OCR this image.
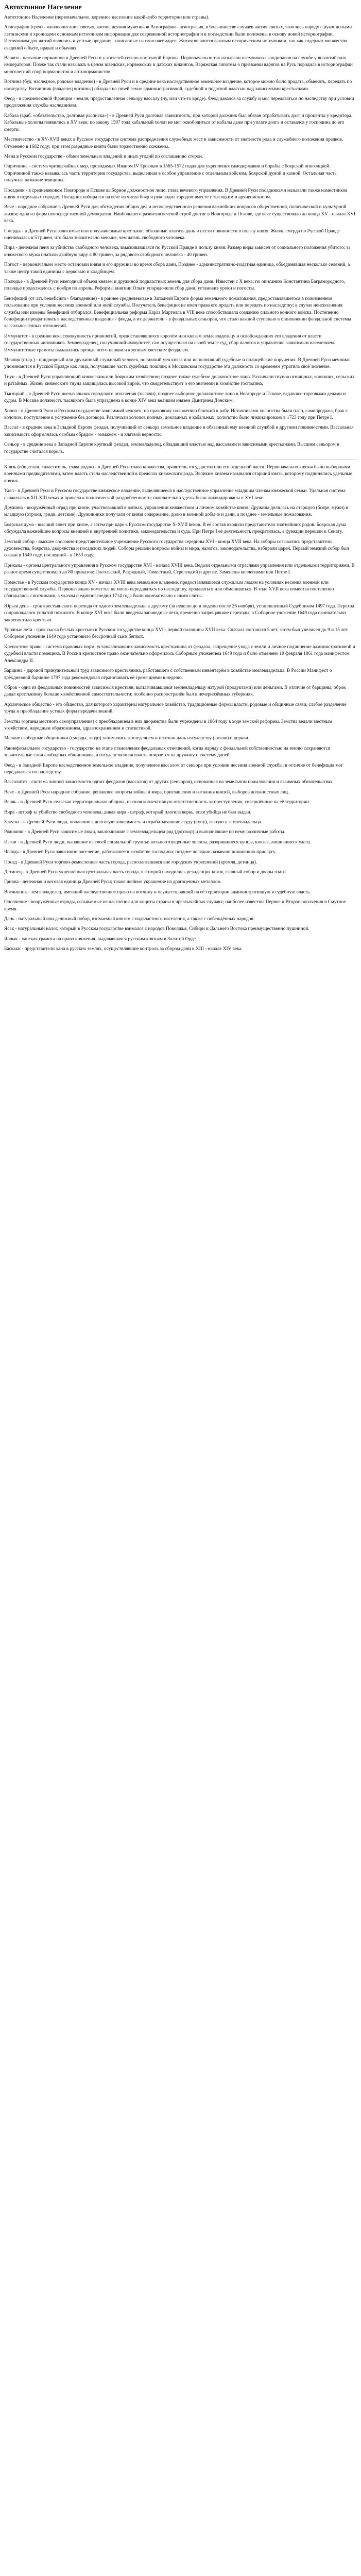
Автохтонное Население

Автохтонное Население (первоначальное, коренное население какой-либо территории или страны).

Агиографии (греч) - жизнеописания святых, жития, деяния мучеников Агиографии - агиография, в большинстве случаев жития святых, являлись наряду с рукописными летописями и хрониками основным источником информации для современной историографии и в последствии были положены в основу новой историографии. Источником для житий являлись и устные предания, записанные со слов очевидцев. Жития являются важным историческим источником, так как содержат множество сведений о быте, нравах и обычаях.

Варяги - название норманнов в Древней Руси и у жителей северо-восточной Европы. Первоначально так называли наемников-скандинавов на службе у византийских императоров. Позже так стали называть в целом шведских, норвежских и датских викингов. Варяжская гипотеза о призвании варягов на Русь породила в историографии многолетний спор норманистов и антинорманистов.

Вотчина (буд. наследное, родовое владение) - в Древней Руси и в средние века наследственное земельное владение, которое можно было продать, обменять, передать по наследству. Вотчинник (владелец вотчины) обладал на своей земле административной, судебной и податной властью над зависимыми крестьянами.

Феод - в средневековой Франции - земля, предоставленная сеньору вассалу (ну, или что-то вроде). Феод давался за службу и мог передаваться по наследству при условии продолжения службы наследником.

Кабала (араб. «обязательство, долговая расписка») - в Древней Руси долговая зависимость, при которой должник был обязан отрабатывать долг и проценты у кредитора. Кабальные холопы появились в XV веке; по закону 1597 года кабальный холоп не мог освободиться от кабалы даже при уплате долга и оставался у господина до его смерти.

Местничество - в XV-XVII веках в Русском государстве система распределения служебных мест в зависимости от знатности рода и служебного положения предков. Отменено в 1682 году; при этом разрядные книги были торжественно сожжены.

Мена в Русском государстве - обмен земельных владений и иных угодий по соглашению сторон.

Опричнина - система чрезвычайных мер, проводимых Иваном IV Грозным в 1565-1572 годах для укрепления самодержавия и борьбы с боярской оппозицией. Опричниной также называлась часть территории государства, выделенная в особое управление с отдельным войском, Боярской думой и казной. Остальная часть получила название земщины.

Посадник - в средневековом Новгороде и Пскове выборное должностное лицо, глава вечевого управления. В Древней Руси посадниками называли также наместников князя в отдельных городах. Посадник избирался на вече из числа бояр и руководил городом вместе с тысяцким и архиепископом.

Вече - народное собрание в Древней Руси для обсуждения общих дел и непосредственного решения важнейших вопросов общественной, политической и культурной жизни; одна из форм непосредственной демократии. Наибольшего развития вечевой строй достиг в Новгороде и Пскове, где вече существовало до конца XV - начала XVI века.

Смерды - в Древней Руси зависимые или полузависимые крестьяне, обязанные платить дань и нести повинности в пользу князя. Жизнь смерда по Русской Правде оценивалась в 5 гривен, что было значительно меньше, чем жизнь свободного человека.

Вира - денежная пеня за убийство свободного человека, взыскивавшаяся по Русской Правде в пользу князя. Размер виры зависел от социального положения убитого: за княжеского мужа платили двойную виру в 80 гривен, за рядового свободного человека - 40 гривен.

Погост - первоначально место остановки князя и его дружины во время сбора дани. Позднее - административно-податная единица, объединявшая несколько селений, а также центр такой единицы с церковью и кладбищем.

Полюдье - в Древней Руси ежегодный объезд князем и дружиной подвластных земель для сбора дани. Известен с X века; по описанию Константина Багрянородного, полюдье продолжалось с ноября по апрель. Реформы княгини Ольги упорядочили сбор дани, установив уроки и погосты.

Бенефиций (от лат. beneficium - благодеяние) - в раннее средневековье в Западной Европе форма земельного пожалования, предоставлявшегося в пожизненное пользование при условии несения военной или иной службы. Получатель бенефиция не имел права его продать или передать по наследству; в случае неисполнения службы или измены бенефиций отбирался. Бенефициальная реформа Карла Мартелла в VIII веке способствовала созданию сильного конного войска. Постепенно бенефиции превратились в наследственные владения - феоды, а их держатели - в феодальных сеньоров, что стало важной ступенью в становлении феодальной системы вассально-ленных отношений.

Иммунитет - в средние века совокупность привилегий, предоставлявшихся королём или князем землевладельцу и освобождавших его владения от власти государственных чиновников. Землевладелец, получивший иммунитет, сам осуществлял на своей земле суд, сбор налогов и управление зависимым населением. Иммунитетные грамоты выдавались прежде всего церкви и крупным светским феодалам.

Мечник (стар.) - придворный или дружинный служилый человек, носивший меч князя или исполнявший судебные и полицейские поручения. В Древней Руси мечники упоминаются в Русской Правде как лица, получавшие часть судебных пошлин; в Московском государстве эта должность со временем утратила своё значение.

Тиун - в Древней Руси управляющий княжеским или боярским хозяйством; позднее также судебное должностное лицо. Различали тиунов огнищных, конюших, сельских и ратайных. Жизнь княжеского тиуна защищалась высокой вирой, что свидетельствует о его значении в хозяйстве господина.

Тысяцкий - в Древней Руси военачальник городского ополчения (тысячи), позднее выборное должностное лицо в Новгороде и Пскове, ведавшее торговыми делами и судом. В Москве должность тысяцкого была упразднена в конце XIV века великим князем Дмитрием Донским.

Холоп - в Древней Руси и Русском государстве зависимый человек, по правовому положению близкий к рабу. Источниками холопства были плен, самопродажа, брак с холопом, поступление в услужение без договора. Различали холопов полных, докладных и кабальных; холопство было ликвидировано в 1723 году при Петре I.

Вассал - в средние века в Западной Европе феодал, получивший от сеньора земельное владение и обязанный ему военной службой и другими повинностями. Вассальная зависимость оформлялась особым обрядом - оммажем - и клятвой верности.

Сеньор - в средние века в Западной Европе крупный феодал, землевладелец, обладавший властью над вассалами и зависимыми крестьянами. Высшим сеньором в государстве считался король.

Князь (общеслав. «властитель, глава рода») - в Древней Руси глава княжества, правитель государства или его отдельной части. Первоначально князья были выборными военными предводителями, затем власть стала наследственной в пределах княжеского рода. Великим князем назывался старший князь, которому подчинялись удельные князья.

Удел - в Древней Руси и Русском государстве княжеское владение, выделявшееся в наследственное управление младшим членам княжеской семьи. Удельная система сложилась в XII-XIII веках и привела к политической раздробленности; окончательно уделы были ликвидированы в XVI веке.

Дружина - вооружённый отряд при князе, участвовавший в войнах, управлении княжеством и личном хозяйстве князя. Дружина делилась на старшую (бояре, мужи) и младшую (отроки, гриди, детские). Дружинники получали от князя содержание, долю в военной добыче и дани, а позднее - земельные пожалования.

Боярская дума - высший совет при князе, а затем при царе в Русском государстве X-XVII веков. В её состав входили представители знатнейших родов. Боярская дума обсуждала важнейшие вопросы внешней и внутренней политики, законодательства и суда. При Петре I её деятельность прекратилась, а функции перешли к Сенату.

Земский собор - высшее сословно-представительное учреждение Русского государства середины XVI - конца XVII века. На соборы созывались представители духовенства, боярства, дворянства и посадских людей. Соборы решали вопросы войны и мира, налогов, законодательства, избирали царей. Первый земский собор был созван в 1549 году, последний - в 1653 году.

Приказы - органы центрального управления в Русском государстве XVI - начала XVIII века. Ведали отдельными отраслями управления или отдельными территориями. В разное время существовало до 80 приказов: Посольский, Разрядный, Поместный, Стрелецкий и другие. Заменены коллегиями при Петре I.

Поместье - в Русском государстве конца XV - начала XVIII века земельное владение, предоставлявшееся служилым людям на условиях несения военной или государственной службы. Первоначально поместье не могло передаваться по наследству, продаваться или обмениваться. В ходе XVII века поместья постепенно сближались с вотчинами, а указом о единонаследии 1714 года были окончательно с ними слиты.

Юрьев день - срок крестьянского перехода от одного землевладельца к другому (за неделю до и неделю после 26 ноября), установленный Судебником 1497 года. Переход сопровождался уплатой пожилого. В конце XVI века были введены заповедные лета, временно запрещавшие переходы, а Соборное уложение 1649 года окончательно закрепостило крестьян.

Урочные лета - срок сыска беглых крестьян в Русском государстве конца XVI - первой половины XVII века. Сначала составлял 5 лет, затем был увеличен до 9 и 15 лет. Соборное уложение 1649 года установило бессрочный сыск беглых.

Крепостное право - система правовых норм, устанавливавших зависимость крестьянина от феодала, запрещение ухода с земли и личное подчинение административной и судебной власти помещика. В России крепостное право окончательно оформилось Соборным уложением 1649 года и было отменено 19 февраля 1861 года манифестом Александра II.

Барщина - даровой принудительный труд зависимого крестьянина, работавшего с собственным инвентарём в хозяйстве землевладельца. В России Манифест о трёхдневной барщине 1797 года рекомендовал ограничивать её тремя днями в неделю.

Оброк - одна из феодальных повинностей зависимых крестьян, выплачивавшаяся землевладельцу натурой (продуктами) или деньгами. В отличие от барщины, оброк давал крестьянину больше хозяйственной самостоятельности; особенно распространён был в нечернозёмных губерниях.

Архаическое общество - это общество, для которого характерны натуральное хозяйство, традиционные формы власти, родовые и общинные связи, слабое разделение труда и преобладание устных форм передачи знаний.

Земства (органы местного самоуправления) с преобладанием в них дворянства были учреждены в 1864 году в ходе земской реформы. Земства ведали местным хозяйством, народным образованием, здравоохранением и статистикой.

Мелкие свободные общинники (смерды, люди) занимались земледелием и платили дань государству (князю) и церкви.

Раннефеодальное государство - государство на этапе становления феодальных отношений, когда наряду с феодальной собственностью на землю сохраняются значительные слои свободных общинников, а государственная власть опирается на дружину и систему даней.

Феод - в Западной Европе наследственное земельное владение, полученное вассалом от сеньора при условии несения военной службы; в отличие от бенефиция мог передаваться по наследству.

Вассалитет - система личной зависимости одних феодалов (вассалов) от других (сеньоров), основанная на земельном пожаловании и взаимных обязательствах.

Вече - в Древней Руси народное собрание, решавшее вопросы войны и мира, приглашения и изгнания князей, выборов должностных лиц.

Вервь - в Древней Руси сельская территориальная община, несшая коллективную ответственность за преступления, совершённые на её территории.

Вира - штраф за убийство свободного человека; дикая вира - штраф, который платила вервь, если убийца не был выдан.

Закупы - в Древней Руси люди, попавшие в долговую зависимость и отрабатывавшие ссуду (купу), взятую у землевладельца.

Рядовичи - в Древней Руси зависимые люди, заключившие с землевладельцем ряд (договор) и выполнявшие по нему различные работы.

Изгои - в Древней Руси люди, выпавшие из своей социальной группы: вольноотпущенные холопы, разорившиеся купцы, князья, лишившиеся удела.

Челядь - в Древней Руси зависимое население, работавшее в хозяйстве господина; позднее челядью называли домашнюю прислугу.

Посад - в Древней Руси торгово-ремесленная часть города, располагавшаяся вне городских укреплений (кремля, детинца).

Детинец - в Древней Руси укреплённая центральная часть города, в которой находились резиденция князя, главный собор и дворы знати.

Гривна - денежная и весовая единица Древней Руси; также шейное украшение из драгоценных металлов.

Вотчинник - землевладелец, имевший наследственное право на вотчину и осуществлявший на её территории административную и судебную власть.

Ополчение - вооружённые отряды, созываемые из населения для защиты страны в чрезвычайных случаях; наиболее известны Первое и Второе ополчения в Смутное время.

Дань - натуральный или денежный побор, взимаемый князем с подвластного населения, а также с побеждённых народов.

Ясак - натуральный налог, который в Русском государстве взимался с народов Поволжья, Сибири и Дальнего Востока преимущественно пушниной.

Ярлык - ханская грамота на право княжения, выдававшаяся русским князьям в Золотой Орде.

Баскаки - представители хана в русских землях, осуществлявшие контроль за сбором дани в XIII - начале XIV века.
